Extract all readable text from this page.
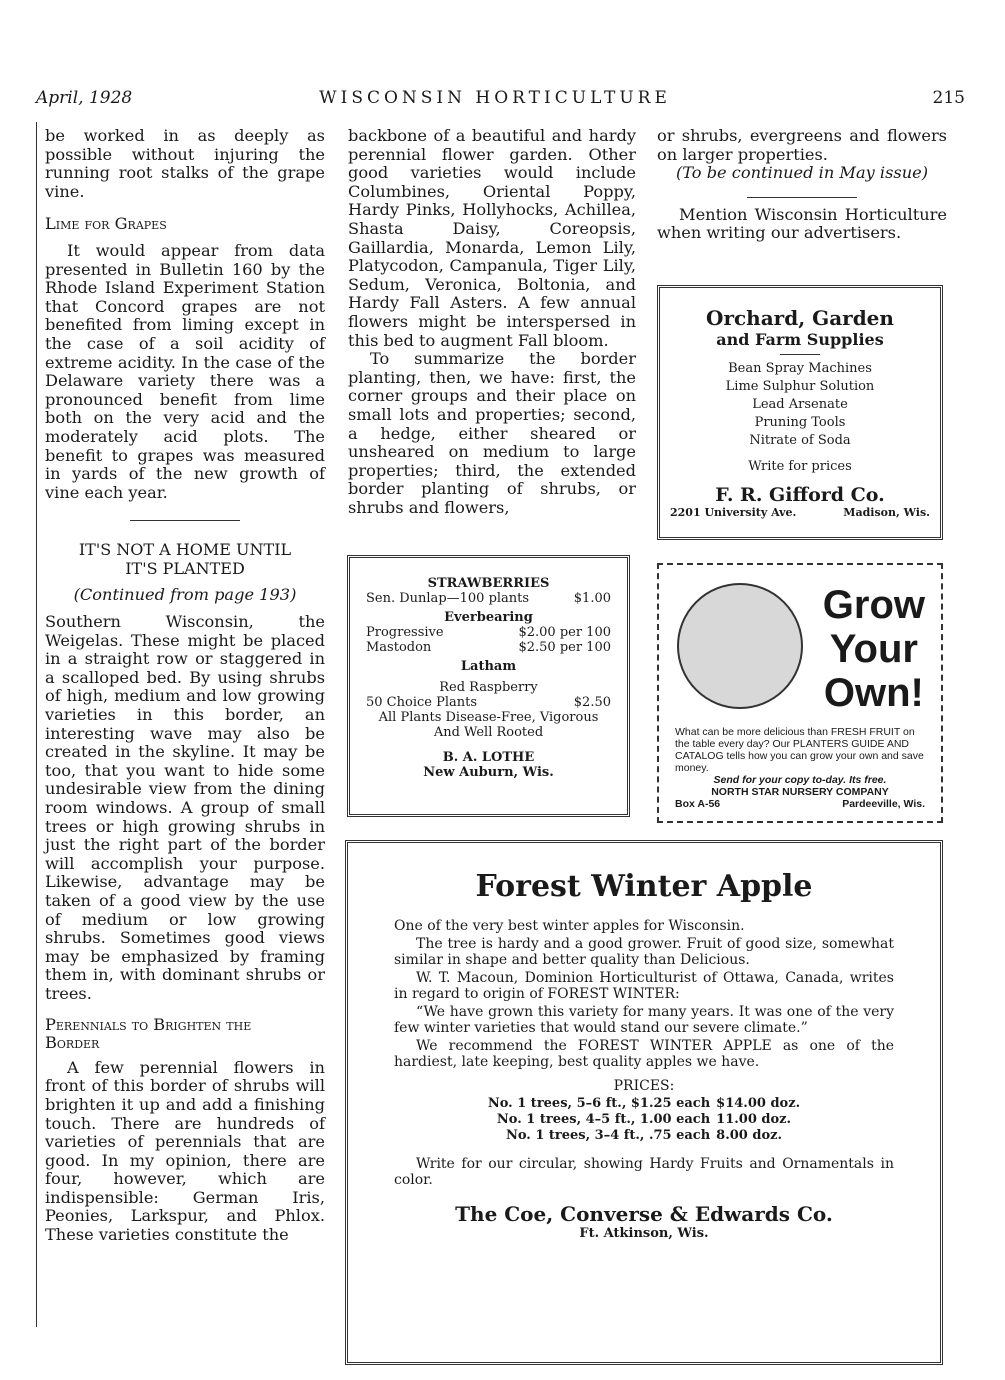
April, 1928	WISCONSIN HORTICULTURE	215

be worked in as deeply as possible without injuring the running root stalks of the grape vine.

Lime for Grapes

It would appear from data presented in Bulletin 160 by the Rhode Island Experiment Station that Concord grapes are not benefited from liming except in the case of a soil acidity of extreme acidity. In the case of the Delaware variety there was a pronounced benefit from lime both on the very acid and the moderately acid plots. The benefit to grapes was measured in yards of the new growth of vine each year.

IT'S NOT A HOME UNTIL

IT'S PLANTED

(Continued from page 193)

Southern Wisconsin, the Weigelas. These might be placed in a straight row or staggered in a scalloped bed. By using shrubs of high, medium and low growing varieties in this border, an interesting wave may also be created in the skyline. It may be too, that you want to hide some undesirable view from the dining room windows. A group of small trees or high growing shrubs in just the right part of the border will accomplish your purpose. Likewise, advantage may be taken of a good view by the use of medium or low growing shrubs. Sometimes good views may be emphasized by framing them in, with dominant shrubs or trees.

Perennials to Brighten the

Border

A few perennial flowers in front of this border of shrubs will brighten it up and add a finishing touch. There are hundreds of varieties of perennials that are good. In my opinion, there are four, however, which are indispensible: German Iris, Peonies, Larkspur, and Phlox. These varieties constitute the

backbone of a beautiful and hardy perennial flower garden. Other good varieties would include Columbines, Oriental Poppy, Hardy Pinks, Hollyhocks, Achillea, Shasta Daisy, Coreopsis, Gaillardia, Monarda, Lemon Lily, Platycodon, Campanula, Tiger Lily, Sedum, Veronica, Boltonia, and Hardy Fall Asters. A few annual flowers might be interspersed in this bed to augment Fall bloom.

To summarize the border planting, then, we have: first, the corner groups and their place on small lots and properties; second, a hedge, either sheared or unsheared on medium to large properties; third, the extended border planting of shrubs, or shrubs and flowers,

or shrubs, evergreens and flowers on larger properties.

(To be continued in May issue)

Mention Wisconsin Horticulture when writing our advertisers.

Orchard, Garden
and Farm Supplies
Bean Spray Machines
Lime Sulphur Solution
Lead Arsenate
Pruning Tools
Nitrate of Soda
Write for prices
F. R. Gifford Co.
2201 University Ave.	Madison, Wis.
STRAWBERRIES
Sen. Dunlap—100 plants	$1.00
Everbearing
Progressive	$2.00 per 100
Mastodon	$2.50 per 100
Latham
Red Raspberry
50 Choice Plants	$2.50
All Plants Disease-Free, Vigorous And Well Rooted
B. A. LOTHE
New Auburn, Wis.
Grow
Your
Own!
What can be more delicious than FRESH FRUIT on the table every day? Our PLANTERS GUIDE AND CATALOG tells how you can grow your own and save money.
Send for your copy to-day. Its free.
NORTH STAR NURSERY COMPANY
Box A-56	Pardeeville, Wis.
Forest Winter Apple

One of the very best winter apples for Wisconsin.

The tree is hardy and a good grower. Fruit of good size, somewhat similar in shape and better quality than Delicious.

W. T. Macoun, Dominion Horticulturist of Ottawa, Canada, writes in regard to origin of FOREST WINTER:

“We have grown this variety for many years. It was one of the very few winter varieties that would stand our severe climate.”

We recommend the FOREST WINTER APPLE as one of the hardiest, late keeping, best quality apples we have.

PRICES:

No. 1 trees, 5–6 ft., $1.25 each $14.00 doz.
No. 1 trees, 4–5 ft., 1.00 each 11.00 doz.
No. 1 trees, 3–4 ft., .75 each 8.00 doz.

Write for our circular, showing Hardy Fruits and Ornamentals in color.

The Coe, Converse & Edwards Co.
Ft. Atkinson, Wis.
